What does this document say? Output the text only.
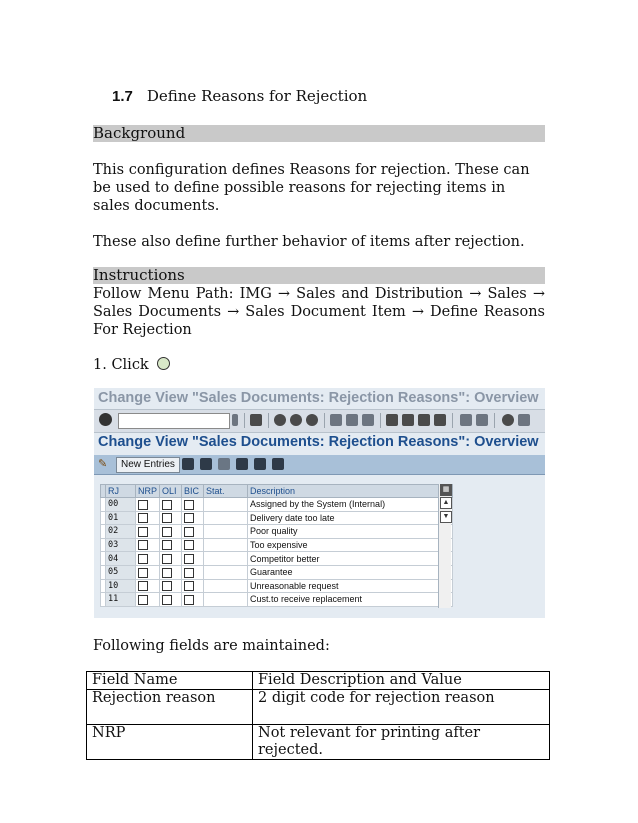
1.7 Define Reasons for Rejection
Background
This configuration defines Reasons for rejection. These can be used to define possible reasons for rejecting items in sales documents.
These also define further behavior of items after rejection.
Instructions
Follow Menu Path: IMG → Sales and Distribution → Sales → Sales Documents → Sales Document Item → Define Reasons For Rejection
1. Click
Change View "Sales Documents: Rejection Reasons": Overview
Change View "Sales Documents: Rejection Reasons": Overview
✎	New Entries
	RJ	NRP	OLI	BIC	Stat.	Description
	00					Assigned by the System (Internal)
	01					Delivery date too late
	02					Poor quality
	03					Too expensive
	04					Competitor better
	05					Guarantee
	10					Unreasonable request
	11					Cust.to receive replacement
▦
▲
▼
Following fields are maintained:
Field Name	Field Description and Value
Rejection reason	2 digit code for rejection reason
NRP	Not relevant for printing after rejected.
